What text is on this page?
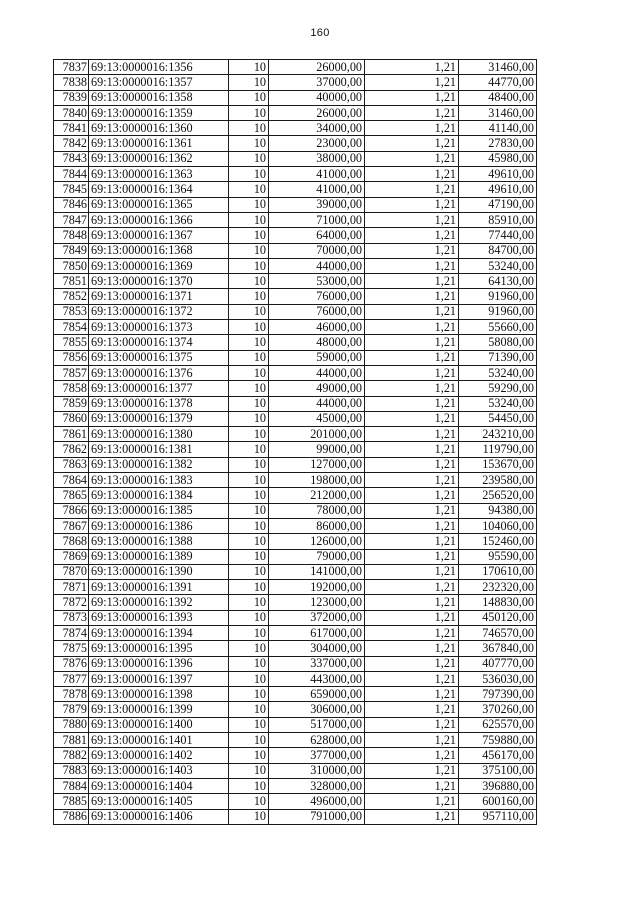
160
7837	69:13:0000016:1356	10	26000,00	1,21	31460,00
7838	69:13:0000016:1357	10	37000,00	1,21	44770,00
7839	69:13:0000016:1358	10	40000,00	1,21	48400,00
7840	69:13:0000016:1359	10	26000,00	1,21	31460,00
7841	69:13:0000016:1360	10	34000,00	1,21	41140,00
7842	69:13:0000016:1361	10	23000,00	1,21	27830,00
7843	69:13:0000016:1362	10	38000,00	1,21	45980,00
7844	69:13:0000016:1363	10	41000,00	1,21	49610,00
7845	69:13:0000016:1364	10	41000,00	1,21	49610,00
7846	69:13:0000016:1365	10	39000,00	1,21	47190,00
7847	69:13:0000016:1366	10	71000,00	1,21	85910,00
7848	69:13:0000016:1367	10	64000,00	1,21	77440,00
7849	69:13:0000016:1368	10	70000,00	1,21	84700,00
7850	69:13:0000016:1369	10	44000,00	1,21	53240,00
7851	69:13:0000016:1370	10	53000,00	1,21	64130,00
7852	69:13:0000016:1371	10	76000,00	1,21	91960,00
7853	69:13:0000016:1372	10	76000,00	1,21	91960,00
7854	69:13:0000016:1373	10	46000,00	1,21	55660,00
7855	69:13:0000016:1374	10	48000,00	1,21	58080,00
7856	69:13:0000016:1375	10	59000,00	1,21	71390,00
7857	69:13:0000016:1376	10	44000,00	1,21	53240,00
7858	69:13:0000016:1377	10	49000,00	1,21	59290,00
7859	69:13:0000016:1378	10	44000,00	1,21	53240,00
7860	69:13:0000016:1379	10	45000,00	1,21	54450,00
7861	69:13:0000016:1380	10	201000,00	1,21	243210,00
7862	69:13:0000016:1381	10	99000,00	1,21	119790,00
7863	69:13:0000016:1382	10	127000,00	1,21	153670,00
7864	69:13:0000016:1383	10	198000,00	1,21	239580,00
7865	69:13:0000016:1384	10	212000,00	1,21	256520,00
7866	69:13:0000016:1385	10	78000,00	1,21	94380,00
7867	69:13:0000016:1386	10	86000,00	1,21	104060,00
7868	69:13:0000016:1388	10	126000,00	1,21	152460,00
7869	69:13:0000016:1389	10	79000,00	1,21	95590,00
7870	69:13:0000016:1390	10	141000,00	1,21	170610,00
7871	69:13:0000016:1391	10	192000,00	1,21	232320,00
7872	69:13:0000016:1392	10	123000,00	1,21	148830,00
7873	69:13:0000016:1393	10	372000,00	1,21	450120,00
7874	69:13:0000016:1394	10	617000,00	1,21	746570,00
7875	69:13:0000016:1395	10	304000,00	1,21	367840,00
7876	69:13:0000016:1396	10	337000,00	1,21	407770,00
7877	69:13:0000016:1397	10	443000,00	1,21	536030,00
7878	69:13:0000016:1398	10	659000,00	1,21	797390,00
7879	69:13:0000016:1399	10	306000,00	1,21	370260,00
7880	69:13:0000016:1400	10	517000,00	1,21	625570,00
7881	69:13:0000016:1401	10	628000,00	1,21	759880,00
7882	69:13:0000016:1402	10	377000,00	1,21	456170,00
7883	69:13:0000016:1403	10	310000,00	1,21	375100,00
7884	69:13:0000016:1404	10	328000,00	1,21	396880,00
7885	69:13:0000016:1405	10	496000,00	1,21	600160,00
7886	69:13:0000016:1406	10	791000,00	1,21	957110,00
